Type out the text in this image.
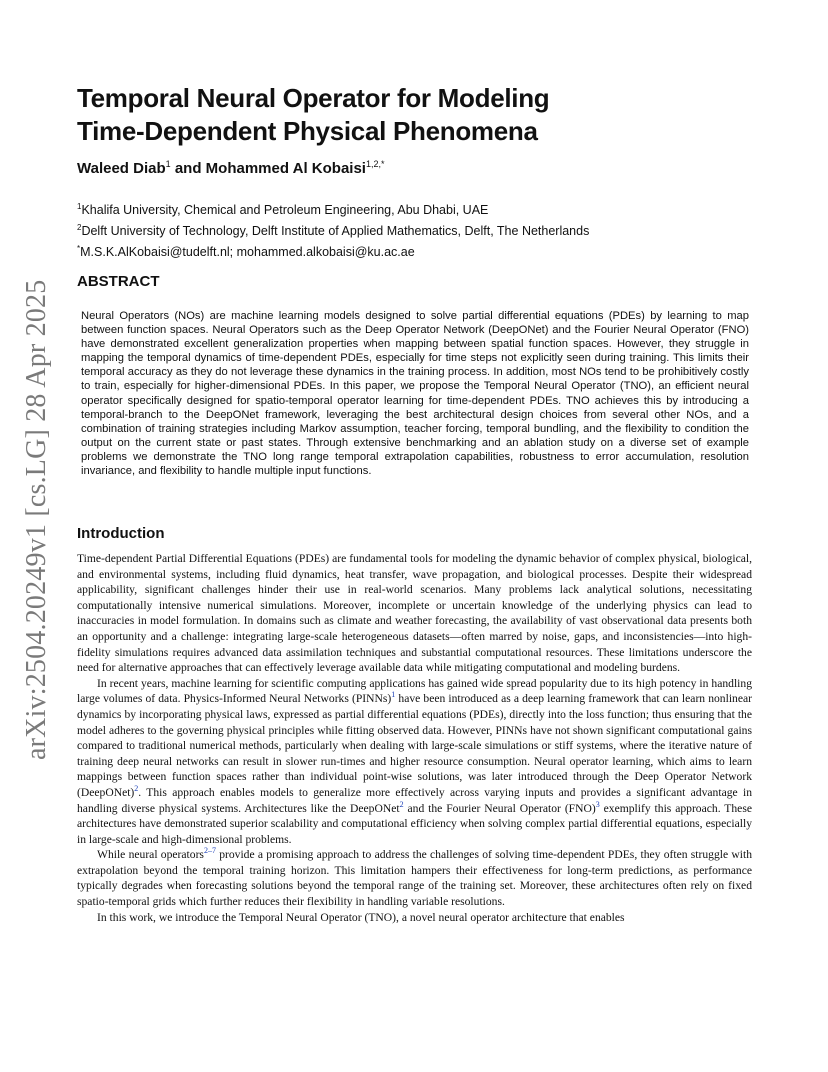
arXiv:2504.20249v1 [cs.LG] 28 Apr 2025
Temporal Neural Operator for Modeling
Time-Dependent Physical Phenomena
Waleed Diab$^1$ and Mohammed Al Kobaisi$^{1,2,*}$
$^1$Khalifa University, Chemical and Petroleum Engineering, Abu Dhabi, UAE
$^2$Delft University of Technology, Delft Institute of Applied Mathematics, Delft, The Netherlands
*M.S.K.AlKobaisi@tudelft.nl; mohammed.alkobaisi@ku.ac.ae
ABSTRACT

Neural Operators (NOs) are machine learning models designed to solve partial differential equations (PDEs) by learning to map between function spaces. Neural Operators such as the Deep Operator Network (DeepONet) and the Fourier Neural Operator (FNO) have demonstrated excellent generalization properties when mapping between spatial function spaces. However, they struggle in mapping the temporal dynamics of time-dependent PDEs, especially for time steps not explicitly seen during training. This limits their temporal accuracy as they do not leverage these dynamics in the training process. In addition, most NOs tend to be prohibitively costly to train, especially for higher-dimensional PDEs. In this paper, we propose the Temporal Neural Operator (TNO), an efficient neural operator specifically designed for spatio-temporal operator learning for time-dependent PDEs. TNO achieves this by introducing a temporal-branch to the DeepONet framework, leveraging the best architectural design choices from several other NOs, and a combination of training strategies including Markov assumption, teacher forcing, temporal bundling, and the flexibility to condition the output on the current state or past states. Through extensive benchmarking and an ablation study on a diverse set of example problems we demonstrate the TNO long range temporal extrapolation capabilities, robustness to error accumulation, resolution invariance, and flexibility to handle multiple input functions.

Introduction

Time-dependent Partial Differential Equations (PDEs) are fundamental tools for modeling the dynamic behavior of complex physical, biological, and environmental systems, including fluid dynamics, heat transfer, wave propagation, and biological processes. Despite their widespread applicability, significant challenges hinder their use in real-world scenarios. Many problems lack analytical solutions, necessitating computationally intensive numerical simulations. Moreover, incomplete or uncertain knowledge of the underlying physics can lead to inaccuracies in model formulation. In domains such as climate and weather forecasting, the availability of vast observational data presents both an opportunity and a challenge: integrating large-scale heterogeneous datasets—often marred by noise, gaps, and inconsistencies—into high-fidelity simulations requires advanced data assimilation techniques and substantial computational resources. These limitations underscore the need for alternative approaches that can effectively leverage available data while mitigating computational and modeling burdens.

In recent years, machine learning for scientific computing applications has gained wide spread popularity due to its high potency in handling large volumes of data. Physics-Informed Neural Networks (PINNs)$^1$ have been introduced as a deep learning framework that can learn nonlinear dynamics by incorporating physical laws, expressed as partial differential equations (PDEs), directly into the loss function; thus ensuring that the model adheres to the governing physical principles while fitting observed data. However, PINNs have not shown significant computational gains compared to traditional numerical methods, particularly when dealing with large-scale simulations or stiff systems, where the iterative nature of training deep neural networks can result in slower run-times and higher resource consumption. Neural operator learning, which aims to learn mappings between function spaces rather than individual point-wise solutions, was later introduced through the Deep Operator Network (DeepONet)$^2$. This approach enables models to generalize more effectively across varying inputs and provides a significant advantage in handling diverse physical systems. Architectures like the DeepONet$^2$ and the Fourier Neural Operator (FNO)$^3$ exemplify this approach. These architectures have demonstrated superior scalability and computational efficiency when solving complex partial differential equations, especially in large-scale and high-dimensional problems.

While neural operators$^{2-7}$ provide a promising approach to address the challenges of solving time-dependent PDEs, they often struggle with extrapolation beyond the temporal training horizon. This limitation hampers their effectiveness for long-term predictions, as performance typically degrades when forecasting solutions beyond the temporal range of the training set. Moreover, these architectures often rely on fixed spatio-temporal grids which further reduces their flexibility in handling variable resolutions.

In this work, we introduce the Temporal Neural Operator (TNO), a novel neural operator architecture that enables
